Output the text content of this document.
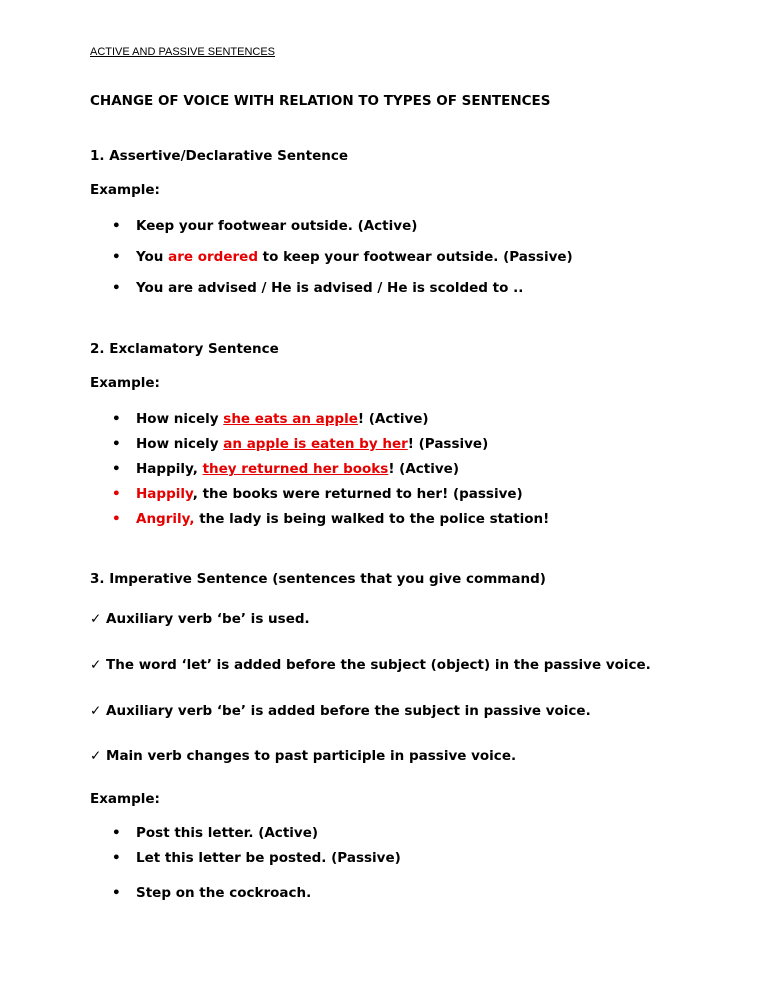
ACTIVE AND PASSIVE SENTENCES
CHANGE OF VOICE WITH RELATION TO TYPES OF SENTENCES
1. Assertive/Declarative Sentence
Example:
• Keep your footwear outside. (Active)
• You are ordered to keep your footwear outside. (Passive)
• You are advised / He is advised / He is scolded to ..
2. Exclamatory Sentence
Example:
• How nicely she eats an apple! (Active)
• How nicely an apple is eaten by her! (Passive)
• Happily, they returned her books! (Active)
• Happily, the books were returned to her! (passive)
• Angrily, the lady is being walked to the police station!
3. Imperative Sentence (sentences that you give command)
✓ Auxiliary verb ‘be’ is used.
✓ The word ‘let’ is added before the subject (object) in the passive voice.
✓ Auxiliary verb ‘be’ is added before the subject in passive voice.
✓ Main verb changes to past participle in passive voice.
Example:
• Post this letter. (Active)
• Let this letter be posted. (Passive)
• Step on the cockroach.
